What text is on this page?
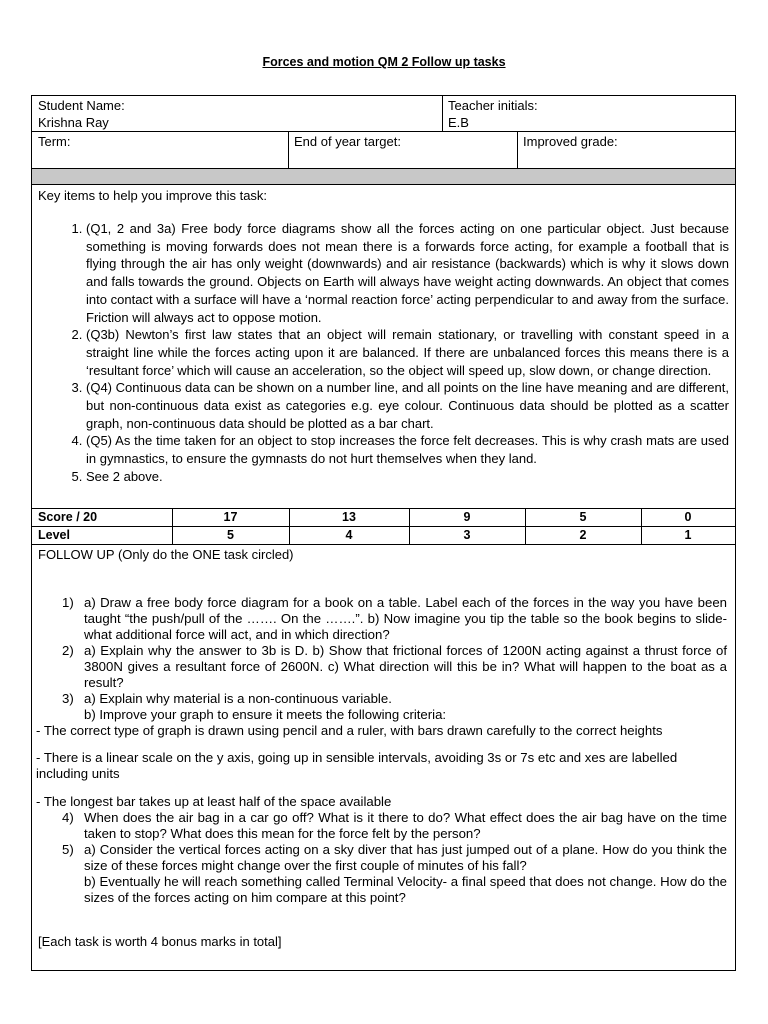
Forces and motion QM 2 Follow up tasks
Student Name:
Krishna Ray
Teacher initials:
E.B
Term:	End of year target:	Improved grade:
Key items to help you improve this task:
1. (Q1, 2 and 3a) Free body force diagrams show all the forces acting on one particular object. Just because something is moving forwards does not mean there is a forwards force acting, for example a football that is flying through the air has only weight (downwards) and air resistance (backwards) which is why it slows down and falls towards the ground. Objects on Earth will always have weight acting downwards. An object that comes into contact with a surface will have a ‘normal reaction force’ acting perpendicular to and away from the surface. Friction will always act to oppose motion.
2. (Q3b) Newton’s first law states that an object will remain stationary, or travelling with constant speed in a straight line while the forces acting upon it are balanced. If there are unbalanced forces this means there is a ‘resultant force’ which will cause an acceleration, so the object will speed up, slow down, or change direction.
3. (Q4) Continuous data can be shown on a number line, and all points on the line have meaning and are different, but non-continuous data exist as categories e.g. eye colour. Continuous data should be plotted as a scatter graph, non-continuous data should be plotted as a bar chart.
4. (Q5) As the time taken for an object to stop increases the force felt decreases. This is why crash mats are used in gymnastics, to ensure the gymnasts do not hurt themselves when they land.
5. See 2 above.
Score / 20	17	13	9	5	0
Level	5	4	3	2	1
FOLLOW UP (Only do the ONE task circled)
1) a) Draw a free body force diagram for a book on a table. Label each of the forces in the way you have been taught “the push/pull of the ……. On the …….”. b) Now imagine you tip the table so the book begins to slide- what additional force will act, and in which direction?
2) a) Explain why the answer to 3b is D. b) Show that frictional forces of 1200N acting against a thrust force of 3800N gives a resultant force of 2600N. c) What direction will this be in? What will happen to the boat as a result?
3) a) Explain why material is a non-continuous variable.
b) Improve your graph to ensure it meets the following criteria:
- The correct type of graph is drawn using pencil and a ruler, with bars drawn carefully to the correct heights
- There is a linear scale on the y axis, going up in sensible intervals, avoiding 3s or 7s etc and xes are labelled including units
- The longest bar takes up at least half of the space available
4) When does the air bag in a car go off? What is it there to do? What effect does the air bag have on the time taken to stop? What does this mean for the force felt by the person?
5) a) Consider the vertical forces acting on a sky diver that has just jumped out of a plane. How do you think the size of these forces might change over the first couple of minutes of his fall?
b) Eventually he will reach something called Terminal Velocity- a final speed that does not change. How do the sizes of the forces acting on him compare at this point?
[Each task is worth 4 bonus marks in total]
